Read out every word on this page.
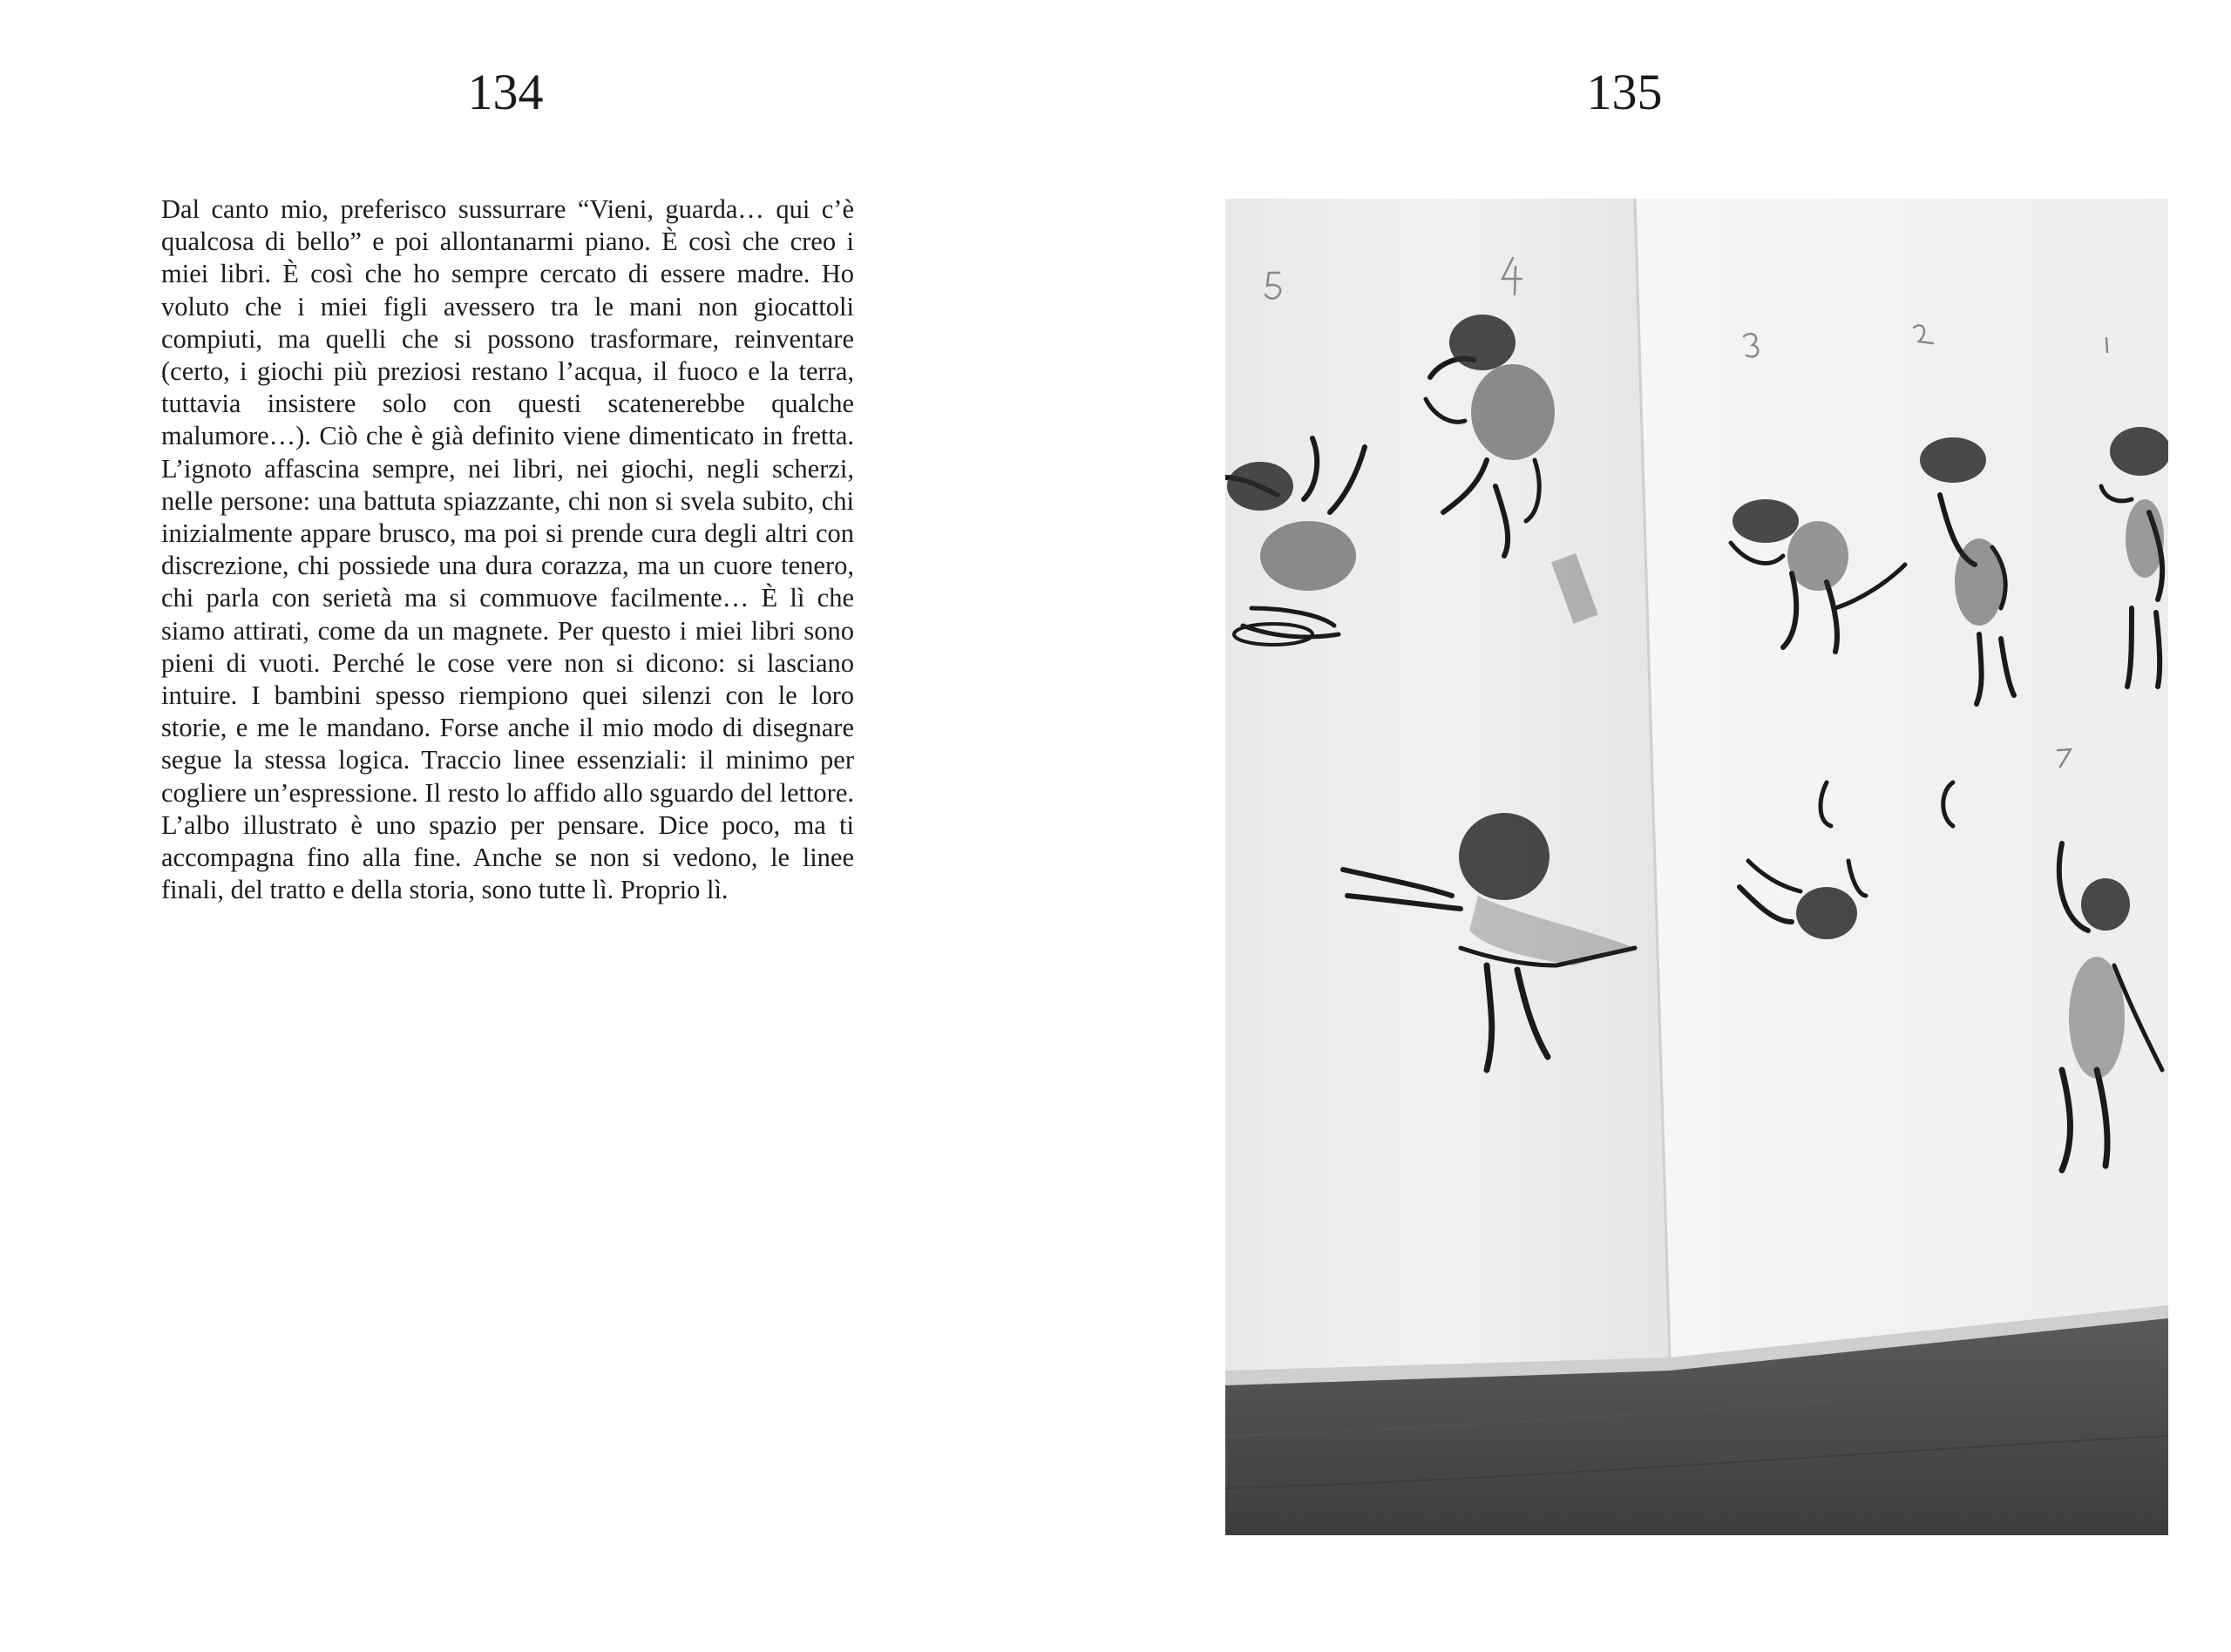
134

Dal canto mio, preferisco sussurrare “Vieni, guarda… qui c’è qualcosa di bello” e poi allontanarmi piano. È così che creo i miei libri. È così che ho sempre cercato di essere madre. Ho voluto che i miei figli avessero tra le mani non giocattoli compiuti, ma quelli che si possono trasformare, reinventare (certo, i giochi più preziosi restano l’acqua, il fuoco e la terra, tuttavia insistere solo con questi scatenerebbe qualche malumore…). Ciò che è già definito viene dimenticato in fretta. L’ignoto affascina sempre, nei libri, nei giochi, negli scherzi, nelle persone: una battuta spiazzante, chi non si svela subito, chi inizialmente appare brusco, ma poi si prende cura degli altri con discrezione, chi possiede una dura corazza, ma un cuore tenero, chi parla con serietà ma si commuove facilmente… È lì che siamo attirati, come da un magnete. Per questo i miei libri sono pieni di vuoti. Perché le cose vere non si dicono: si lasciano intuire. I bambini spesso riempiono quei silenzi con le loro storie, e me le mandano. Forse anche il mio modo di disegnare segue la stessa logica. Traccio linee essenziali: il minimo per cogliere un’espressione. Il resto lo affido allo sguardo del lettore. L’albo illustrato è uno spazio per pensare. Dice poco, ma ti accompagna fino alla fine. Anche se non si vedono, le linee finali, del tratto e della storia, sono tutte lì. Proprio lì.

135
